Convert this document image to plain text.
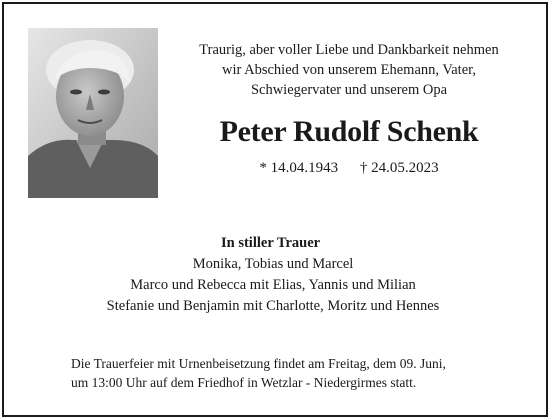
Traurig, aber voller Liebe und Dankbarkeit nehmen
wir Abschied von unserem Ehemann, Vater,
Schwiegervater und unserem Opa
Peter Rudolf Schenk
* 14.04.1943 † 24.05.2023
In stiller Trauer
Monika, Tobias und Marcel
Marco und Rebecca mit Elias, Yannis und Milian
Stefanie und Benjamin mit Charlotte, Moritz und Hennes
Die Trauerfeier mit Urnenbeisetzung findet am Freitag, dem 09. Juni,
um 13:00 Uhr auf dem Friedhof in Wetzlar - Niedergirmes statt.
